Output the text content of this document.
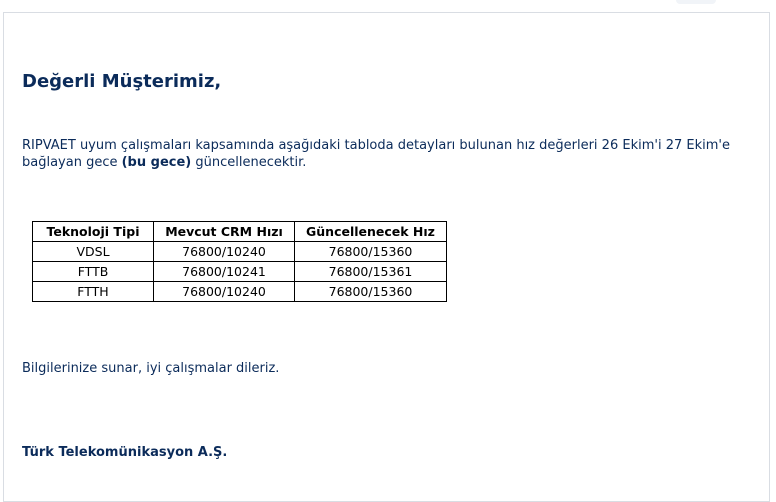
Değerli Müşterimiz,

RIPVAET uyum çalışmaları kapsamında aşağıdaki tabloda detayları bulunan hız değerleri 26 Ekim'i 27 Ekim'e bağlayan gece (bu gece) güncellenecektir.

Teknoloji Tipi	Mevcut CRM Hızı	Güncellenecek Hız
VDSL	76800/10240	76800/15360
FTTB	76800/10241	76800/15361
FTTH	76800/10240	76800/15360

Bilgilerinize sunar, iyi çalışmalar dileriz.

Türk Telekomünikasyon A.Ş.
